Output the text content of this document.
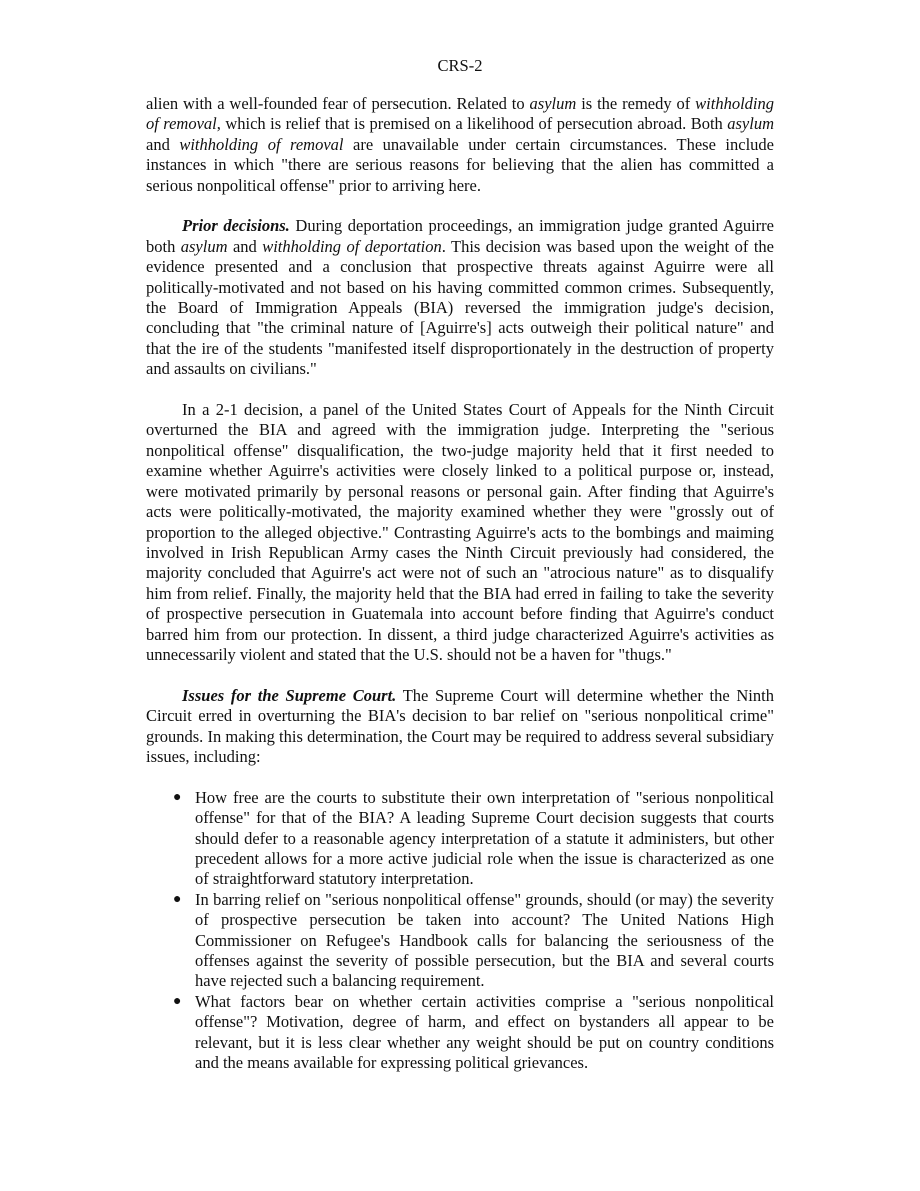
CRS-2

alien with a well-founded fear of persecution. Related to asylum is the remedy of withholding of removal, which is relief that is premised on a likelihood of persecution abroad. Both asylum and withholding of removal are unavailable under certain circumstances. These include instances in which "there are serious reasons for believing that the alien has committed a serious nonpolitical offense" prior to arriving here.

Prior decisions. During deportation proceedings, an immigration judge granted Aguirre both asylum and withholding of deportation. This decision was based upon the weight of the evidence presented and a conclusion that prospective threats against Aguirre were all politically-motivated and not based on his having committed common crimes. Subsequently, the Board of Immigration Appeals (BIA) reversed the immigration judge's decision, concluding that "the criminal nature of [Aguirre's] acts outweigh their political nature" and that the ire of the students "manifested itself disproportionately in the destruction of property and assaults on civilians."

In a 2-1 decision, a panel of the United States Court of Appeals for the Ninth Circuit overturned the BIA and agreed with the immigration judge. Interpreting the "serious nonpolitical offense" disqualification, the two-judge majority held that it first needed to examine whether Aguirre's activities were closely linked to a political purpose or, instead, were motivated primarily by personal reasons or personal gain. After finding that Aguirre's acts were politically-motivated, the majority examined whether they were "grossly out of proportion to the alleged objective." Contrasting Aguirre's acts to the bombings and maiming involved in Irish Republican Army cases the Ninth Circuit previously had considered, the majority concluded that Aguirre's act were not of such an "atrocious nature" as to disqualify him from relief. Finally, the majority held that the BIA had erred in failing to take the severity of prospective persecution in Guatemala into account before finding that Aguirre's conduct barred him from our protection. In dissent, a third judge characterized Aguirre's activities as unnecessarily violent and stated that the U.S. should not be a haven for "thugs."

Issues for the Supreme Court. The Supreme Court will determine whether the Ninth Circuit erred in overturning the BIA's decision to bar relief on "serious nonpolitical crime" grounds. In making this determination, the Court may be required to address several subsidiary issues, including:

● How free are the courts to substitute their own interpretation of "serious nonpolitical offense" for that of the BIA? A leading Supreme Court decision suggests that courts should defer to a reasonable agency interpretation of a statute it administers, but other precedent allows for a more active judicial role when the issue is characterized as one of straightforward statutory interpretation.
● In barring relief on "serious nonpolitical offense" grounds, should (or may) the severity of prospective persecution be taken into account? The United Nations High Commissioner on Refugee's Handbook calls for balancing the seriousness of the offenses against the severity of possible persecution, but the BIA and several courts have rejected such a balancing requirement.
● What factors bear on whether certain activities comprise a "serious nonpolitical offense"? Motivation, degree of harm, and effect on bystanders all appear to be relevant, but it is less clear whether any weight should be put on country conditions and the means available for expressing political grievances.
